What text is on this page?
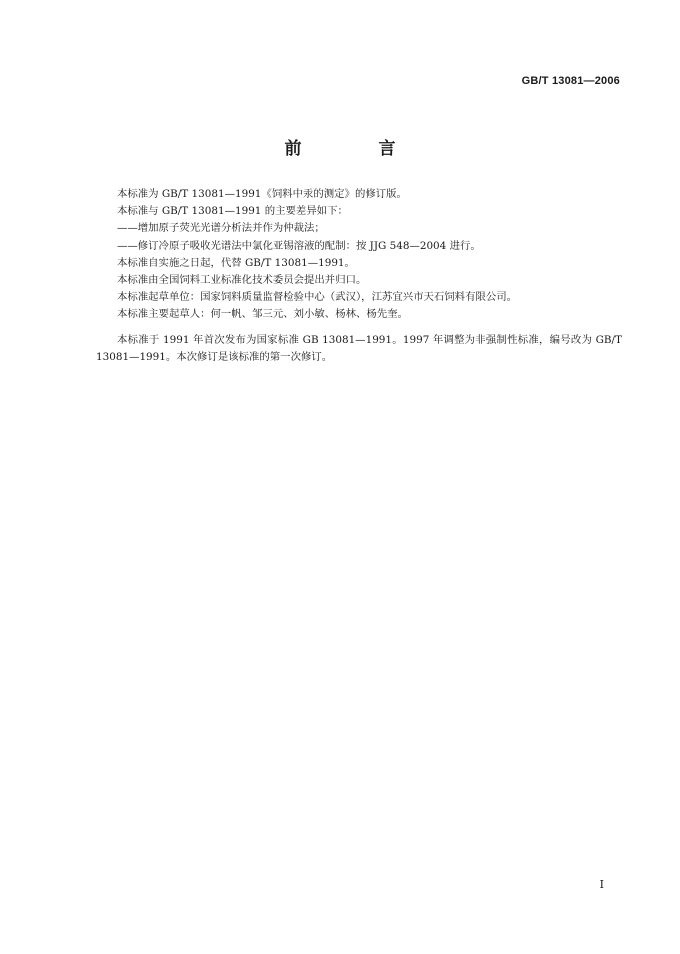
GB/T 13081—2006
前　言

本标准为 GB/T 13081—1991《饲料中汞的测定》的修订版。

本标准与 GB/T 13081—1991 的主要差异如下：

——增加原子荧光光谱分析法并作为仲裁法；

——修订冷原子吸收光谱法中氯化亚锡溶液的配制：按 JJG 548—2004 进行。

本标准自实施之日起，代替 GB/T 13081—1991。

本标准由全国饲料工业标准化技术委员会提出并归口。

本标准起草单位：国家饲料质量监督检验中心（武汉），江苏宜兴市天石饲料有限公司。

本标准主要起草人：何一帆、邹三元、刘小敏、杨林、杨先奎。

本标准于 1991 年首次发布为国家标准 GB 13081—1991。1997 年调整为非强制性标准，编号改为 GB/T 13081—1991。本次修订是该标准的第一次修订。

I
